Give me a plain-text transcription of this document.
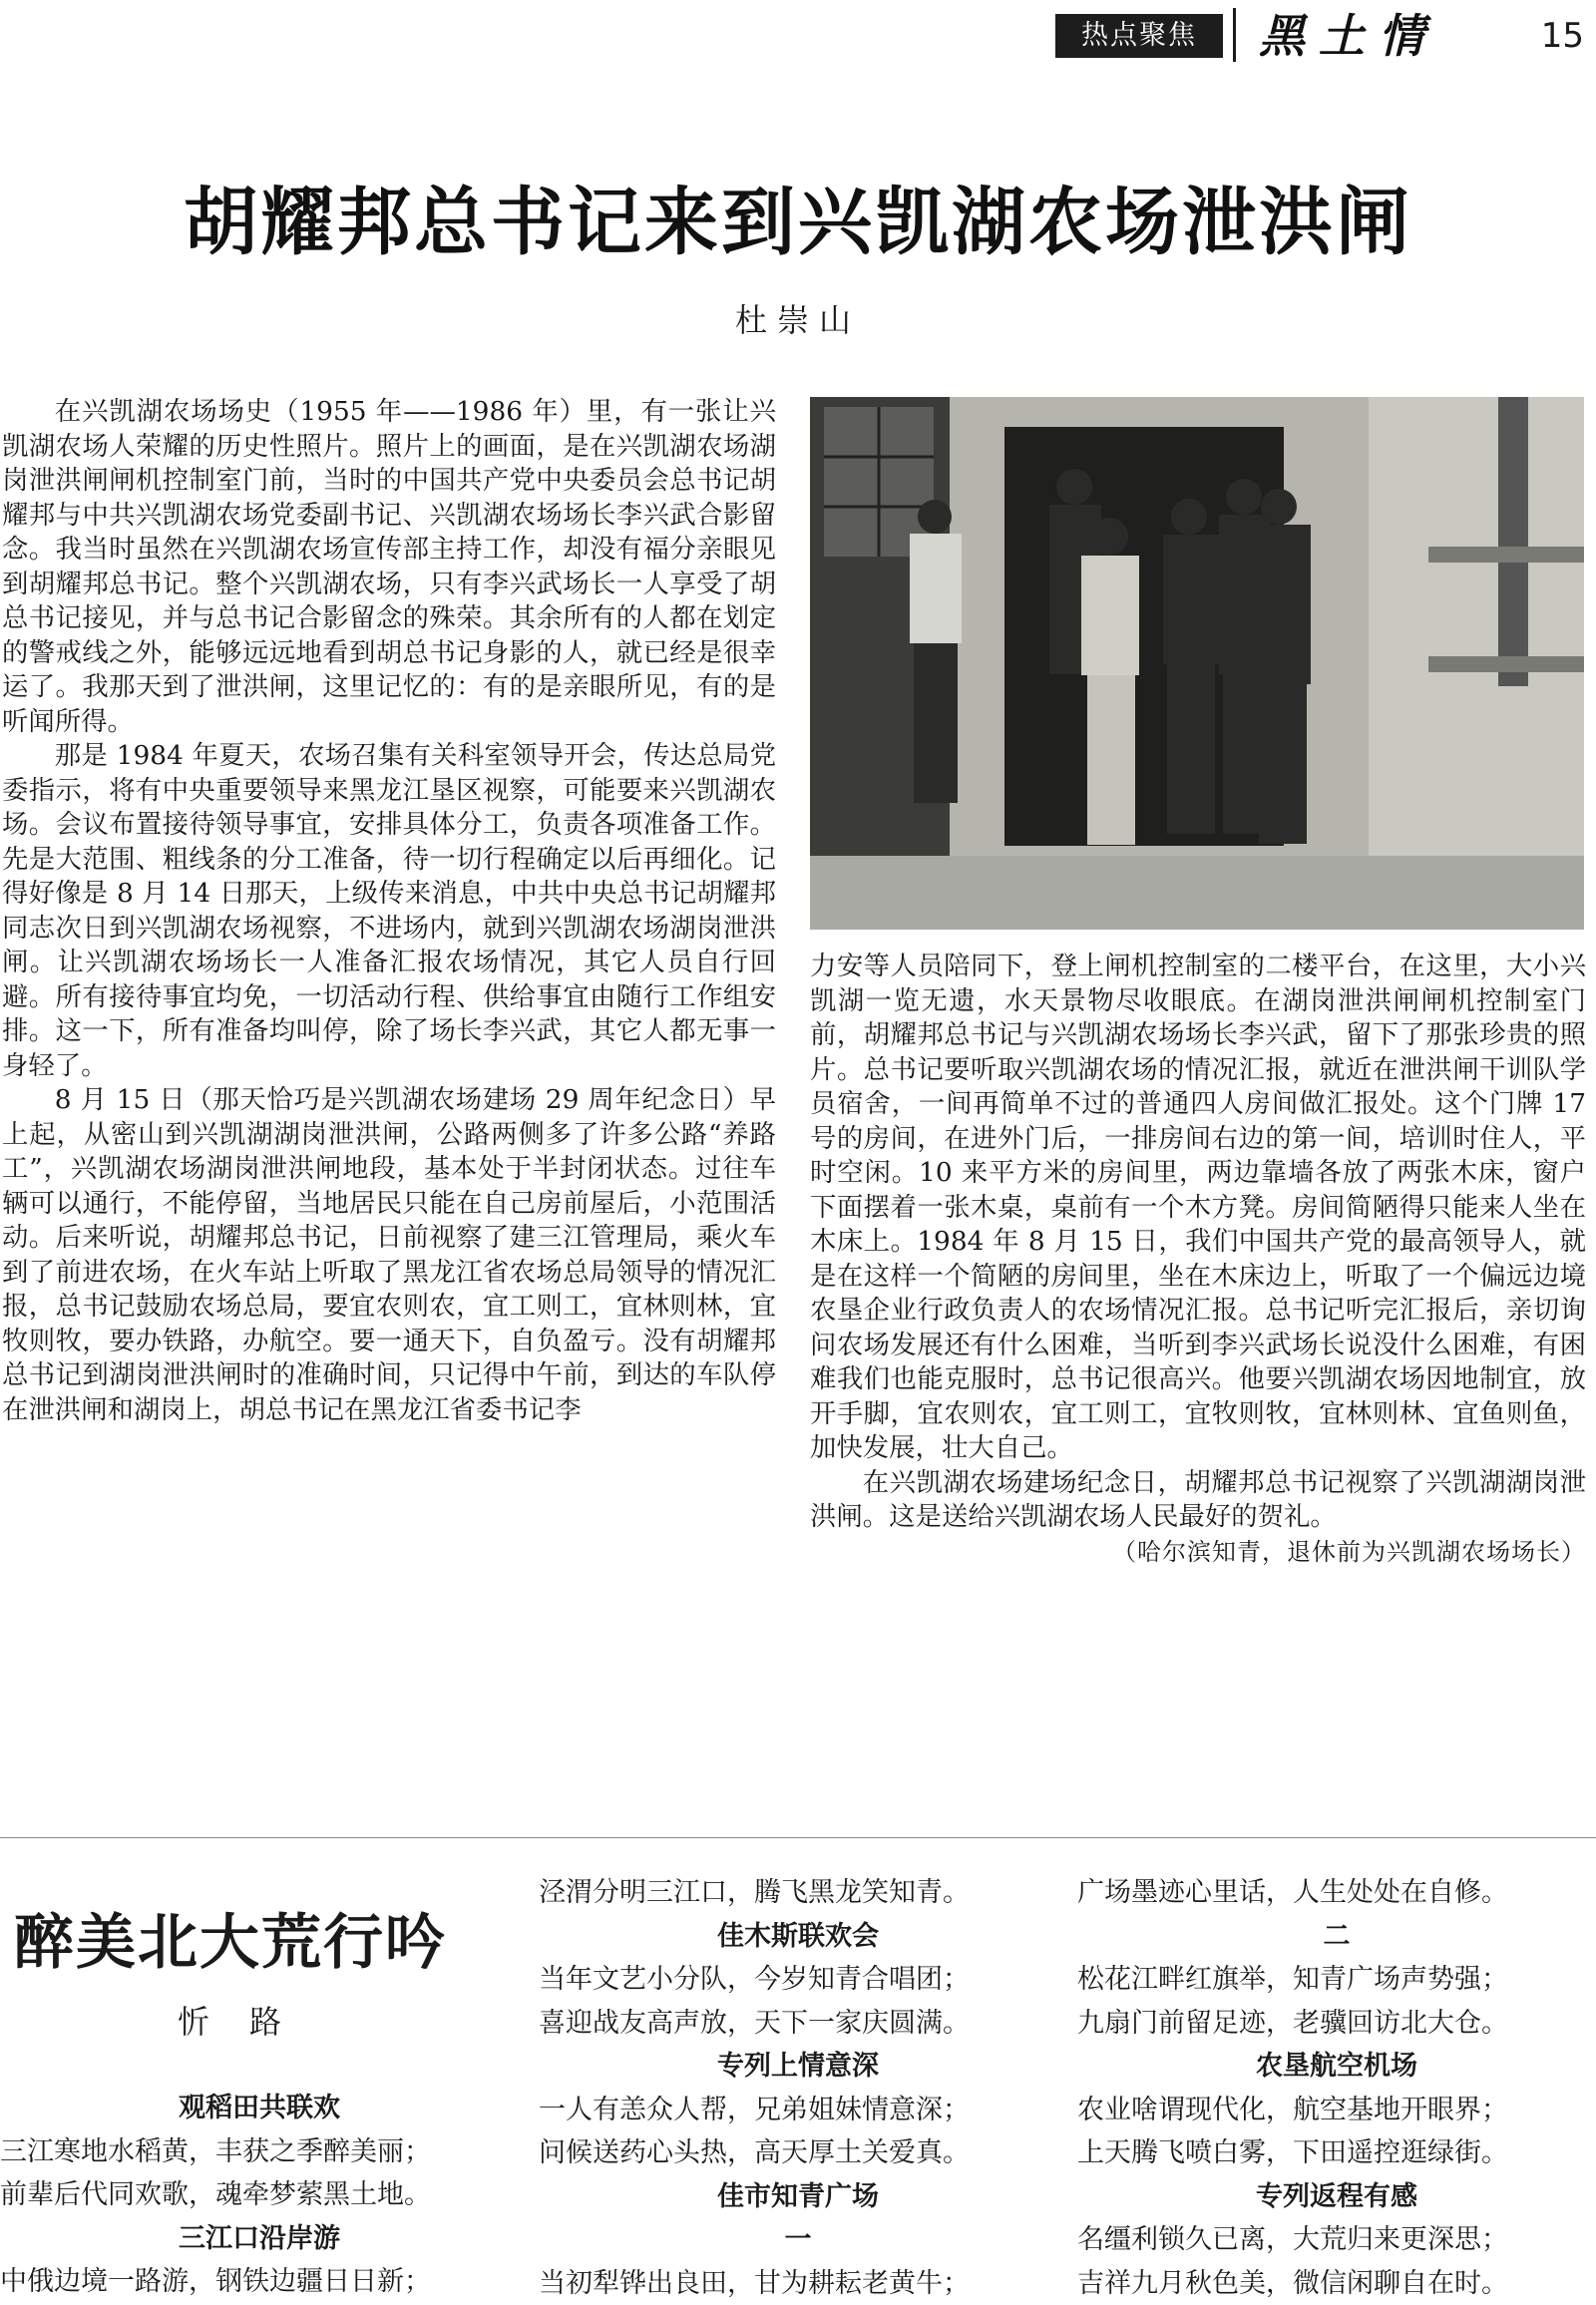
热点聚焦	黑土情	15
胡耀邦总书记来到兴凯湖农场泄洪闸
杜崇山

在兴凯湖农场场史（1955 年——1986 年）里，有一张让兴凯湖农场人荣耀的历史性照片。照片上的画面，是在兴凯湖农场湖岗泄洪闸闸机控制室门前，当时的中国共产党中央委员会总书记胡耀邦与中共兴凯湖农场党委副书记、兴凯湖农场场长李兴武合影留念。我当时虽然在兴凯湖农场宣传部主持工作，却没有福分亲眼见到胡耀邦总书记。整个兴凯湖农场，只有李兴武场长一人享受了胡总书记接见，并与总书记合影留念的殊荣。其余所有的人都在划定的警戒线之外，能够远远地看到胡总书记身影的人，就已经是很幸运了。我那天到了泄洪闸，这里记忆的：有的是亲眼所见，有的是听闻所得。

那是 1984 年夏天，农场召集有关科室领导开会，传达总局党委指示，将有中央重要领导来黑龙江垦区视察，可能要来兴凯湖农场。会议布置接待领导事宜，安排具体分工，负责各项准备工作。先是大范围、粗线条的分工准备，待一切行程确定以后再细化。记得好像是 8 月 14 日那天，上级传来消息，中共中央总书记胡耀邦同志次日到兴凯湖农场视察，不进场内，就到兴凯湖农场湖岗泄洪闸。让兴凯湖农场场长一人准备汇报农场情况，其它人员自行回避。所有接待事宜均免，一切活动行程、供给事宜由随行工作组安排。这一下，所有准备均叫停，除了场长李兴武，其它人都无事一身轻了。

8 月 15 日（那天恰巧是兴凯湖农场建场 29 周年纪念日）早上起，从密山到兴凯湖湖岗泄洪闸，公路两侧多了许多公路“养路工”，兴凯湖农场湖岗泄洪闸地段，基本处于半封闭状态。过往车辆可以通行，不能停留，当地居民只能在自己房前屋后，小范围活动。后来听说，胡耀邦总书记，日前视察了建三江管理局，乘火车到了前进农场，在火车站上听取了黑龙江省农场总局领导的情况汇报，总书记鼓励农场总局，要宜农则农，宜工则工，宜林则林，宜牧则牧，要办铁路，办航空。要一通天下，自负盈亏。没有胡耀邦总书记到湖岗泄洪闸时的准确时间，只记得中午前，到达的车队停在泄洪闸和湖岗上，胡总书记在黑龙江省委书记李

力安等人员陪同下，登上闸机控制室的二楼平台，在这里，大小兴凯湖一览无遗，水天景物尽收眼底。在湖岗泄洪闸闸机控制室门前，胡耀邦总书记与兴凯湖农场场长李兴武，留下了那张珍贵的照片。总书记要听取兴凯湖农场的情况汇报，就近在泄洪闸干训队学员宿舍，一间再简单不过的普通四人房间做汇报处。这个门牌 17 号的房间，在进外门后，一排房间右边的第一间，培训时住人，平时空闲。10 来平方米的房间里，两边靠墙各放了两张木床，窗户下面摆着一张木桌，桌前有一个木方凳。房间简陋得只能来人坐在木床上。1984 年 8 月 15 日，我们中国共产党的最高领导人，就是在这样一个简陋的房间里，坐在木床边上，听取了一个偏远边境农垦企业行政负责人的农场情况汇报。总书记听完汇报后，亲切询问农场发展还有什么困难，当听到李兴武场长说没什么困难，有困难我们也能克服时，总书记很高兴。他要兴凯湖农场因地制宜，放开手脚，宜农则农，宜工则工，宜牧则牧，宜林则林、宜鱼则鱼，加快发展，壮大自己。

在兴凯湖农场建场纪念日，胡耀邦总书记视察了兴凯湖湖岗泄洪闸。这是送给兴凯湖农场人民最好的贺礼。

（哈尔滨知青，退休前为兴凯湖农场场长）

醉美北大荒行吟
忻路
观稻田共联欢
三江寒地水稻黄，丰获之季醉美丽；
前辈后代同欢歌，魂牵梦萦黑土地。
三江口沿岸游
中俄边境一路游，钢铁边疆日日新；
泾渭分明三江口，腾飞黑龙笑知青。
佳木斯联欢会
当年文艺小分队，今岁知青合唱团；
喜迎战友高声放，天下一家庆圆满。
专列上情意深
一人有恙众人帮，兄弟姐妹情意深；
问候送药心头热，高天厚土关爱真。
佳市知青广场
一
当初犁铧出良田，甘为耕耘老黄牛；
广场墨迹心里话，人生处处在自修。
二
松花江畔红旗举，知青广场声势强；
九扇门前留足迹，老骥回访北大仓。
农垦航空机场
农业啥谓现代化，航空基地开眼界；
上天腾飞喷白雾，下田遥控逛绿街。
专列返程有感
名缰利锁久已离，大荒归来更深思；
吉祥九月秋色美，微信闲聊自在时。
